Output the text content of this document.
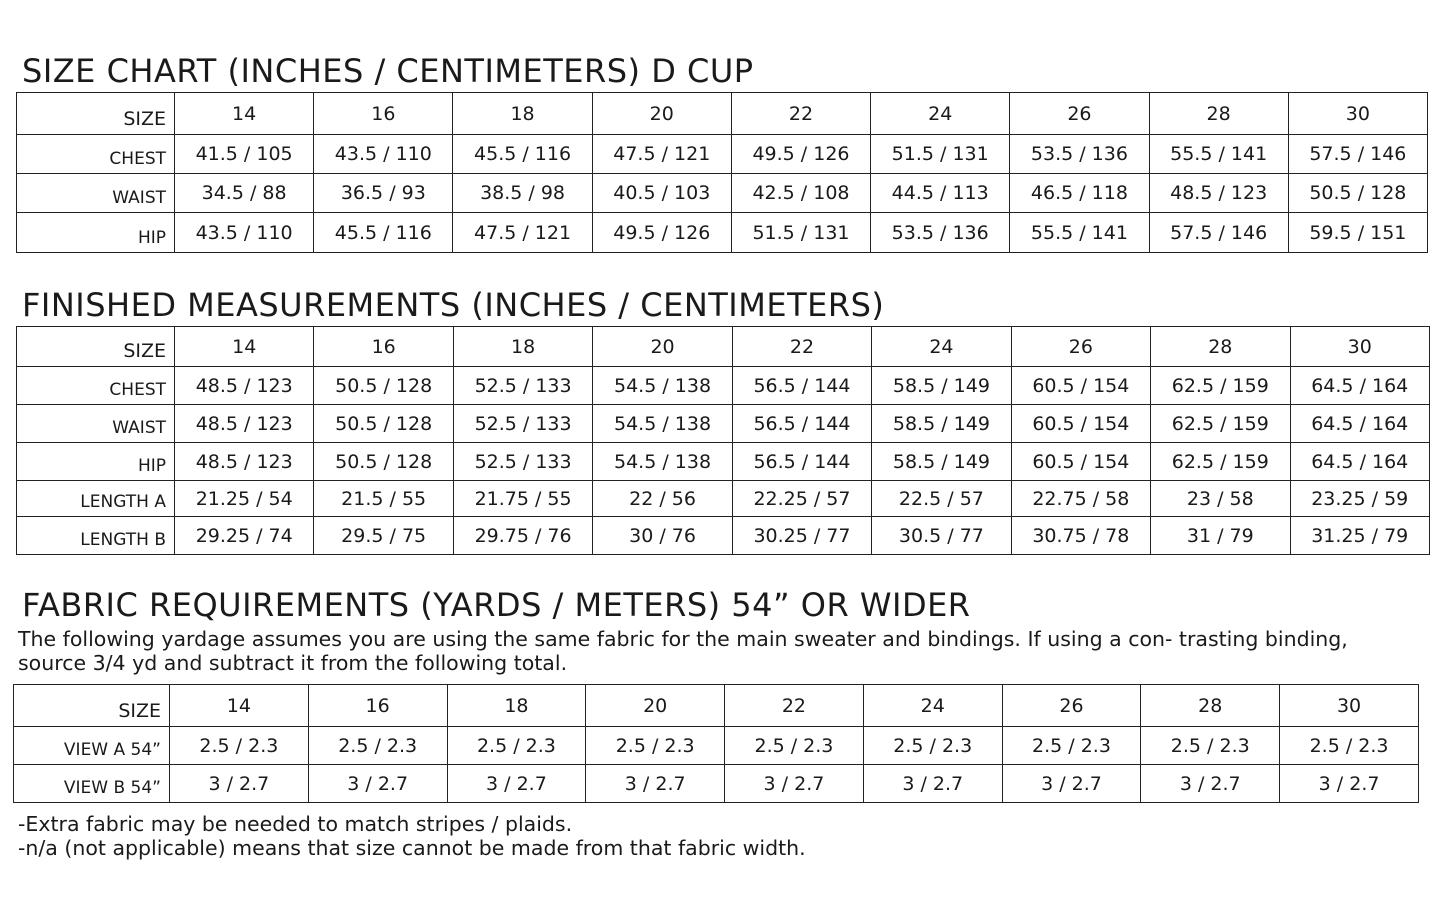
SIZE CHART (INCHES / CENTIMETERS) D CUP
SIZE	14	16	18	20	22	24	26	28	30
CHEST	41.5 / 105	43.5 / 110	45.5 / 116	47.5 / 121	49.5 / 126	51.5 / 131	53.5 / 136	55.5 / 141	57.5 / 146
WAIST	34.5 / 88	36.5 / 93	38.5 / 98	40.5 / 103	42.5 / 108	44.5 / 113	46.5 / 118	48.5 / 123	50.5 / 128
HIP	43.5 / 110	45.5 / 116	47.5 / 121	49.5 / 126	51.5 / 131	53.5 / 136	55.5 / 141	57.5 / 146	59.5 / 151
FINISHED MEASUREMENTS (INCHES / CENTIMETERS)
SIZE	14	16	18	20	22	24	26	28	30
CHEST	48.5 / 123	50.5 / 128	52.5 / 133	54.5 / 138	56.5 / 144	58.5 / 149	60.5 / 154	62.5 / 159	64.5 / 164
WAIST	48.5 / 123	50.5 / 128	52.5 / 133	54.5 / 138	56.5 / 144	58.5 / 149	60.5 / 154	62.5 / 159	64.5 / 164
HIP	48.5 / 123	50.5 / 128	52.5 / 133	54.5 / 138	56.5 / 144	58.5 / 149	60.5 / 154	62.5 / 159	64.5 / 164
LENGTH A	21.25 / 54	21.5 / 55	21.75 / 55	22 / 56	22.25 / 57	22.5 / 57	22.75 / 58	23 / 58	23.25 / 59
LENGTH B	29.25 / 74	29.5 / 75	29.75 / 76	30 / 76	30.25 / 77	30.5 / 77	30.75 / 78	31 / 79	31.25 / 79
FABRIC REQUIREMENTS (YARDS / METERS) 54” OR WIDER

The following yardage assumes you are using the same fabric for the main sweater and bindings. If using a con- trasting binding, source 3/4 yd and subtract it from the following total.

SIZE	14	16	18	20	22	24	26	28	30
VIEW A 54”	2.5 / 2.3	2.5 / 2.3	2.5 / 2.3	2.5 / 2.3	2.5 / 2.3	2.5 / 2.3	2.5 / 2.3	2.5 / 2.3	2.5 / 2.3
VIEW B 54”	3 / 2.7	3 / 2.7	3 / 2.7	3 / 2.7	3 / 2.7	3 / 2.7	3 / 2.7	3 / 2.7	3 / 2.7

-Extra fabric may be needed to match stripes / plaids.

-n/a (not applicable) means that size cannot be made from that fabric width.
